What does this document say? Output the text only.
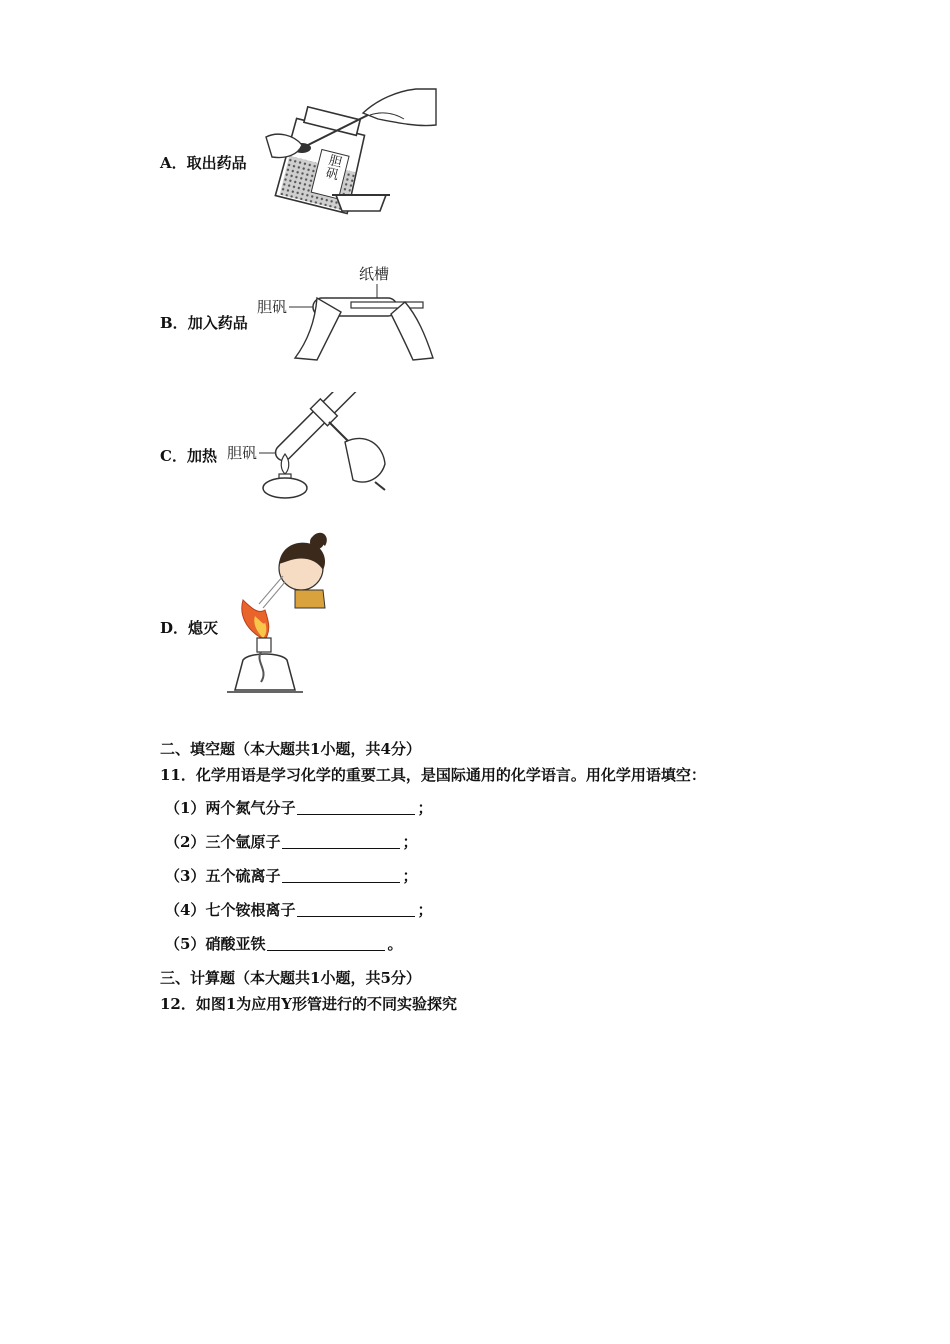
A．取出药品	胆矾
B．加入药品
纸槽
胆矾
C．加热 胆矾
D．熄灭
二、填空题（本大题共1小题，共4分）
11．化学用语是学习化学的重要工具，是国际通用的化学语言。用化学用语填空：
（1）两个氮气分子	；
（2）三个氩原子	；
（3）五个硫离子	；
（4）七个铵根离子	；
（5）硝酸亚铁	。
三、计算题（本大题共1小题，共5分）
12．如图1为应用Y形管进行的不同实验探究
